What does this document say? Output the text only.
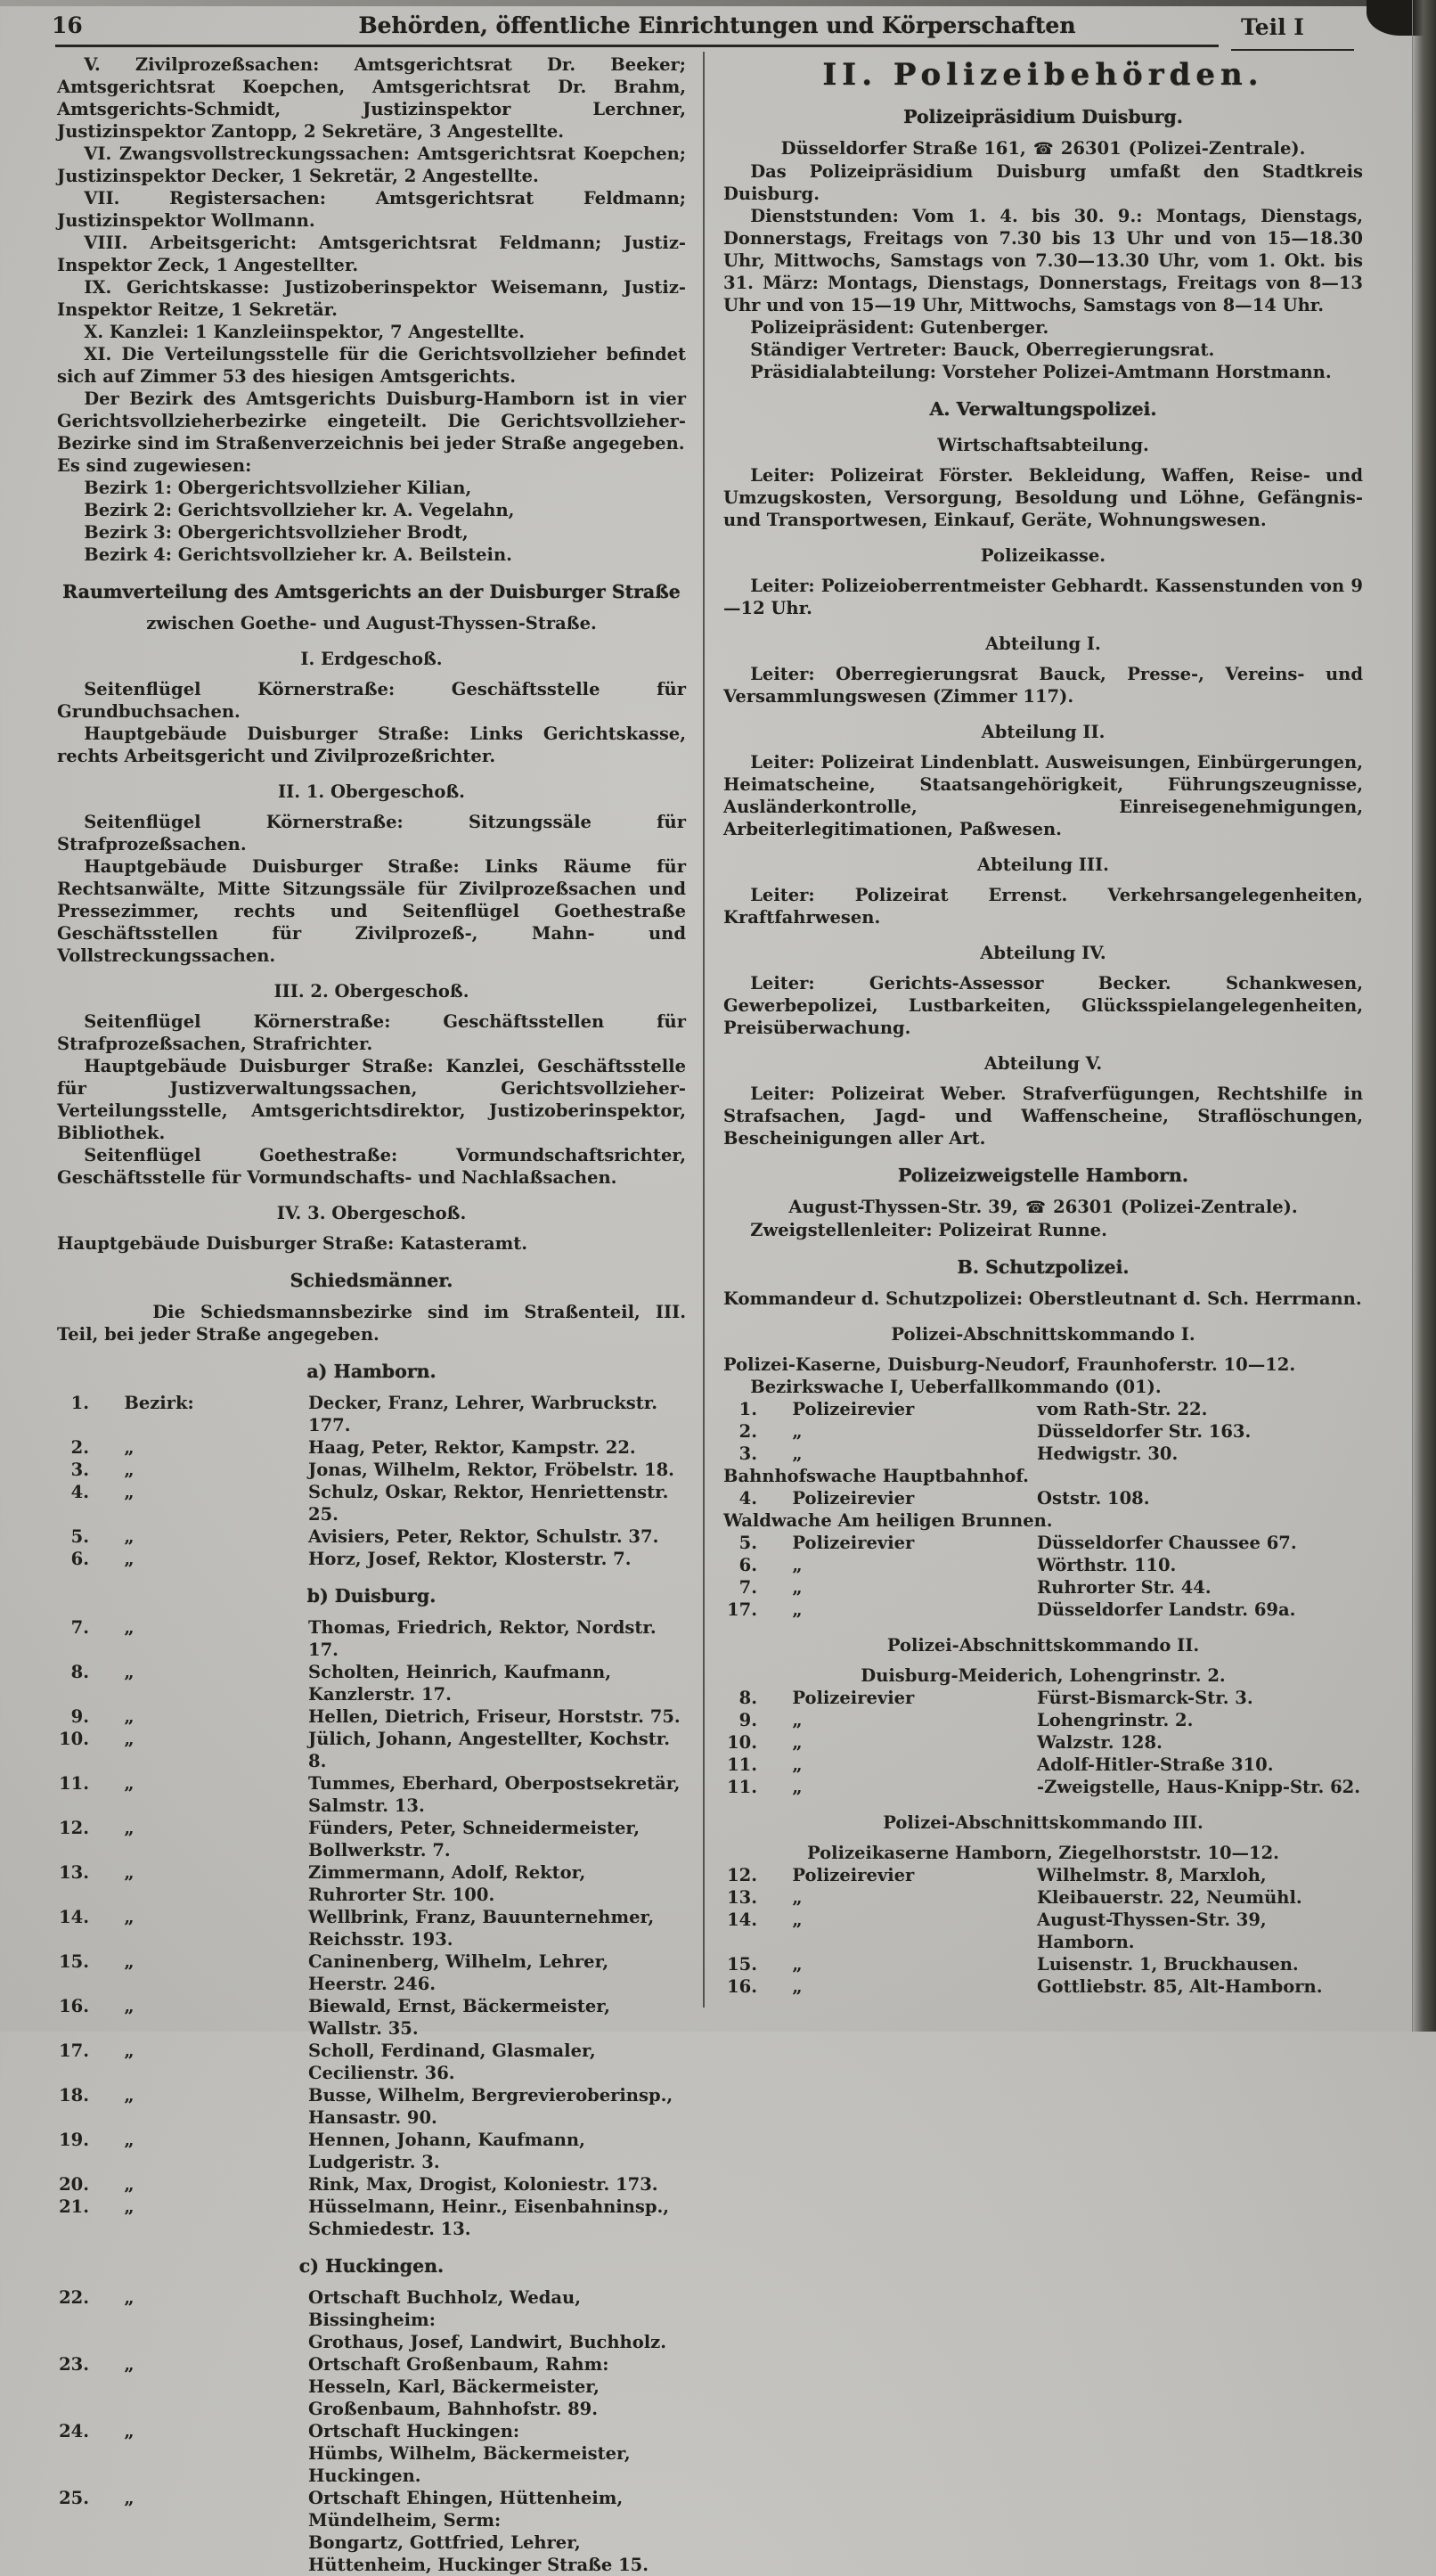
16	Behörden, öffentliche Einrichtungen und Körperschaften	Teil I
V. Zivilprozeßsachen: Amtsgerichtsrat Dr. Beeker; Amtsgerichtsrat Koepchen, Amtsgerichtsrat Dr. Brahm, Amtsgerichts-Schmidt, Justizinspektor Lerchner, Justizinspektor Zantopp, 2 Sekretäre, 3 Angestellte.
VI. Zwangsvollstreckungssachen: Amtsgerichtsrat Koepchen; Justizinspektor Decker, 1 Sekretär, 2 Angestellte.
VII. Registersachen: Amtsgerichtsrat Feldmann; Justizinspektor Wollmann.
VIII. Arbeitsgericht: Amtsgerichtsrat Feldmann; Justiz-Inspektor Zeck, 1 Angestellter.
IX. Gerichtskasse: Justizoberinspektor Weisemann, Justiz-Inspektor Reitze, 1 Sekretär.
X. Kanzlei: 1 Kanzleiinspektor, 7 Angestellte.
XI. Die Verteilungsstelle für die Gerichtsvollzieher befindet sich auf Zimmer 53 des hiesigen Amtsgerichts.
Der Bezirk des Amtsgerichts Duisburg-Hamborn ist in vier Gerichtsvollzieherbezirke eingeteilt. Die Gerichtsvollzieher-Bezirke sind im Straßenverzeichnis bei jeder Straße angegeben.
Es sind zugewiesen:
Bezirk 1: Obergerichtsvollzieher Kilian,
Bezirk 2: Gerichtsvollzieher kr. A. Vegelahn,
Bezirk 3: Obergerichtsvollzieher Brodt,
Bezirk 4: Gerichtsvollzieher kr. A. Beilstein.
Raumverteilung des Amtsgerichts an der Duisburger Straße
zwischen Goethe- und August-Thyssen-Straße.
I. Erdgeschoß.
Seitenflügel Körnerstraße: Geschäftsstelle für Grundbuchsachen.
Hauptgebäude Duisburger Straße: Links Gerichtskasse, rechts Arbeitsgericht und Zivilprozeßrichter.
II. 1. Obergeschoß.
Seitenflügel Körnerstraße: Sitzungssäle für Strafprozeßsachen.
Hauptgebäude Duisburger Straße: Links Räume für Rechtsanwälte, Mitte Sitzungssäle für Zivilprozeßsachen und Pressezimmer, rechts und Seitenflügel Goethestraße Geschäftsstellen für Zivilprozeß-, Mahn- und Vollstreckungssachen.
III. 2. Obergeschoß.
Seitenflügel Körnerstraße: Geschäftsstellen für Strafprozeßsachen, Strafrichter.
Hauptgebäude Duisburger Straße: Kanzlei, Geschäftsstelle für Justizverwaltungssachen, Gerichtsvollzieher-Verteilungsstelle, Amtsgerichtsdirektor, Justizoberinspektor, Bibliothek.
Seitenflügel Goethestraße: Vormundschaftsrichter, Geschäftsstelle für Vormundschafts- und Nachlaßsachen.
IV. 3. Obergeschoß.
Hauptgebäude Duisburger Straße: Katasteramt.
Schiedsmänner.
Die Schiedsmannsbezirke sind im Straßenteil, III. Teil, bei jeder Straße angegeben.
a) Hamborn.
1.	Bezirk:	Decker, Franz, Lehrer, Warbruckstr. 177.
2.	„	Haag, Peter, Rektor, Kampstr. 22.
3.	„	Jonas, Wilhelm, Rektor, Fröbelstr. 18.
4.	„	Schulz, Oskar, Rektor, Henriettenstr. 25.
5.	„	Avisiers, Peter, Rektor, Schulstr. 37.
6.	„	Horz, Josef, Rektor, Klosterstr. 7.
b) Duisburg.
7.	„	Thomas, Friedrich, Rektor, Nordstr. 17.
8.	„	Scholten, Heinrich, Kaufmann, Kanzlerstr. 17.
9.	„	Hellen, Dietrich, Friseur, Horststr. 75.
10.	„	Jülich, Johann, Angestellter, Kochstr. 8.
11.	„	Tummes, Eberhard, Oberpostsekretär, Salmstr. 13.
12.	„	Fünders, Peter, Schneidermeister, Bollwerkstr. 7.
13.	„	Zimmermann, Adolf, Rektor, Ruhrorter Str. 100.
14.	„	Wellbrink, Franz, Bauunternehmer, Reichsstr. 193.
15.	„	Caninenberg, Wilhelm, Lehrer, Heerstr. 246.
16.	„	Biewald, Ernst, Bäckermeister, Wallstr. 35.
17.	„	Scholl, Ferdinand, Glasmaler, Cecilienstr. 36.
18.	„	Busse, Wilhelm, Bergrevieroberinsp., Hansastr. 90.
19.	„	Hennen, Johann, Kaufmann, Ludgeristr. 3.
20.	„	Rink, Max, Drogist, Koloniestr. 173.
21.	„	Hüsselmann, Heinr., Eisenbahninsp., Schmiedestr. 13.
c) Huckingen.
22.	„	Ortschaft Buchholz, Wedau, Bissingheim:
Grothaus, Josef, Landwirt, Buchholz.
23.	„	Ortschaft Großenbaum, Rahm:
Hesseln, Karl, Bäckermeister, Großenbaum, Bahnhofstr. 89.
24.	„	Ortschaft Huckingen:
Hümbs, Wilhelm, Bäckermeister, Huckingen.
25.	„	Ortschaft Ehingen, Hüttenheim, Mündelheim, Serm:
Bongartz, Gottfried, Lehrer, Hüttenheim, Huckinger Straße 15.
II. Polizeibehörden.
Polizeipräsidium Duisburg.
Düsseldorfer Straße 161, ☎ 26301 (Polizei-Zentrale).
Das Polizeipräsidium Duisburg umfaßt den Stadtkreis Duisburg.
Dienststunden: Vom 1. 4. bis 30. 9.: Montags, Dienstags, Donnerstags, Freitags von 7.30 bis 13 Uhr und von 15—18.30 Uhr, Mittwochs, Samstags von 7.30—13.30 Uhr, vom 1. Okt. bis 31. März: Montags, Dienstags, Donnerstags, Freitags von 8—13 Uhr und von 15—19 Uhr, Mittwochs, Samstags von 8—14 Uhr.
Polizeipräsident: Gutenberger.
Ständiger Vertreter: Bauck, Oberregierungsrat.
Präsidialabteilung: Vorsteher Polizei-Amtmann Horstmann.
A. Verwaltungspolizei.
Wirtschaftsabteilung.
Leiter: Polizeirat Förster. Bekleidung, Waffen, Reise- und Umzugskosten, Versorgung, Besoldung und Löhne, Gefängnis- und Transportwesen, Einkauf, Geräte, Wohnungswesen.
Polizeikasse.
Leiter: Polizeioberrentmeister Gebhardt. Kassenstunden von 9—12 Uhr.
Abteilung I.
Leiter: Oberregierungsrat Bauck, Presse-, Vereins- und Versammlungswesen (Zimmer 117).
Abteilung II.
Leiter: Polizeirat Lindenblatt. Ausweisungen, Einbürgerungen, Heimatscheine, Staatsangehörigkeit, Führungszeugnisse, Ausländerkontrolle, Einreisegenehmigungen, Arbeiterlegitimationen, Paßwesen.
Abteilung III.
Leiter: Polizeirat Errenst. Verkehrsangelegenheiten, Kraftfahrwesen.
Abteilung IV.
Leiter: Gerichts-Assessor Becker. Schankwesen, Gewerbepolizei, Lustbarkeiten, Glücksspielangelegenheiten, Preisüberwachung.
Abteilung V.
Leiter: Polizeirat Weber. Strafverfügungen, Rechtshilfe in Strafsachen, Jagd- und Waffenscheine, Straflöschungen, Bescheinigungen aller Art.
Polizeizweigstelle Hamborn.
August-Thyssen-Str. 39, ☎ 26301 (Polizei-Zentrale).
Zweigstellenleiter: Polizeirat Runne.
B. Schutzpolizei.
Kommandeur d. Schutzpolizei: Oberstleutnant d. Sch. Herrmann.
Polizei-Abschnittskommando I.
Polizei-Kaserne, Duisburg-Neudorf, Fraunhoferstr. 10—12.
Bezirkswache I, Ueberfallkommando (01).
1.	Polizeirevier	vom Rath-Str. 22.
2.	„	Düsseldorfer Str. 163.
3.	„	Hedwigstr. 30.
Bahnhofswache Hauptbahnhof.
4.	Polizeirevier	Oststr. 108.
Waldwache Am heiligen Brunnen.
5.	Polizeirevier	Düsseldorfer Chaussee 67.
6.	„	Wörthstr. 110.
7.	„	Ruhrorter Str. 44.
17.	„	Düsseldorfer Landstr. 69a.
Polizei-Abschnittskommando II.
Duisburg-Meiderich, Lohengrinstr. 2.
8.	Polizeirevier	Fürst-Bismarck-Str. 3.
9.	„	Lohengrinstr. 2.
10.	„	Walzstr. 128.
11.	„	Adolf-Hitler-Straße 310.
11.	„	-Zweigstelle, Haus-Knipp-Str. 62.
Polizei-Abschnittskommando III.
Polizeikaserne Hamborn, Ziegelhorststr. 10—12.
12.	Polizeirevier	Wilhelmstr. 8, Marxloh,
13.	„	Kleibauerstr. 22, Neumühl.
14.	„	August-Thyssen-Str. 39, Hamborn.
15.	„	Luisenstr. 1, Bruckhausen.
16.	„	Gottliebstr. 85, Alt-Hamborn.
